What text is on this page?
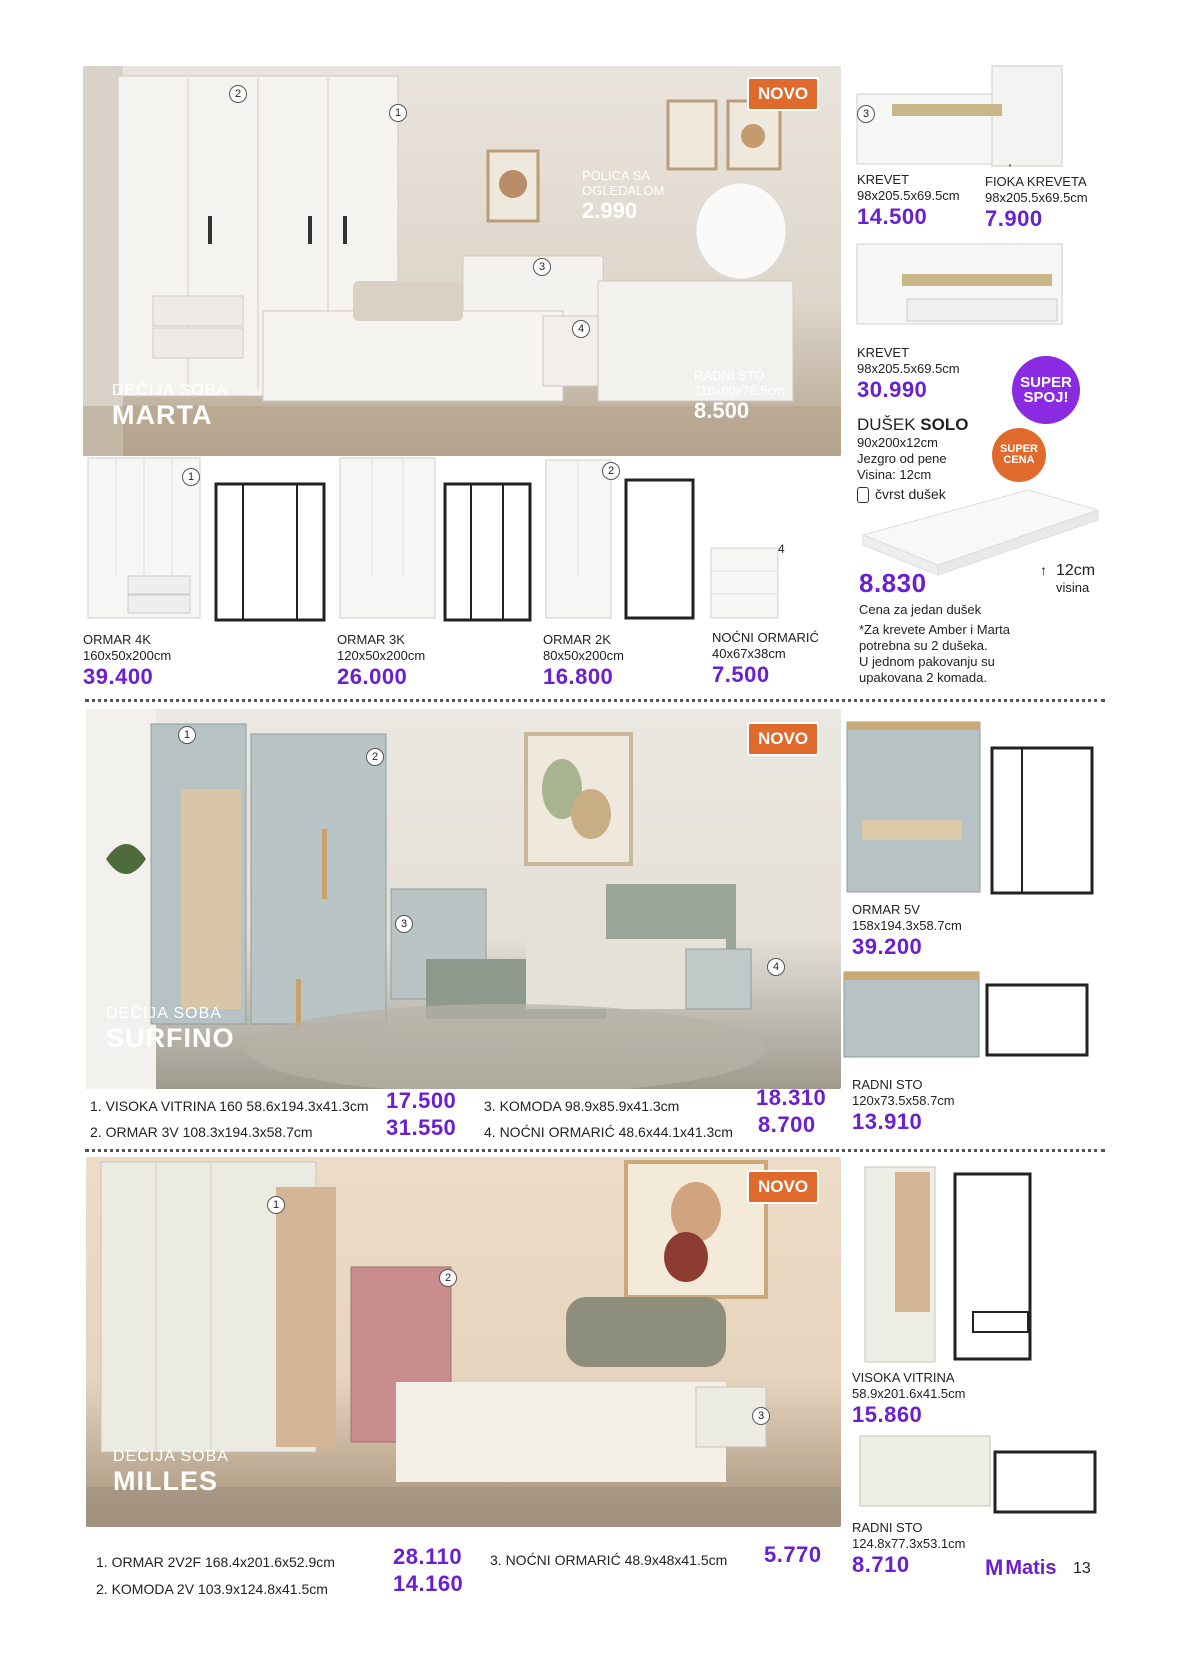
NOVO
DEČIJA SOBA
MARTA
POLICA SA
OGLEDALOM
2.990
RADNI STO
110x60x76.5cm
8.500
1
2
3
4
1	2
4
ORMAR 4K
160x50x200cm
39.400
ORMAR 3K
120x50x200cm
26.000
ORMAR 2K
80x50x200cm
16.800
NOĆNI ORMARIĆ
40x67x38cm
7.500
3
KREVET
98x205.5x69.5cm
14.500
FIOKA KREVETA
98x205.5x69.5cm
7.900
KREVET
98x205.5x69.5cm
30.990	SUPER
SPOJ!
SUPER
CENA
DUŠEK SOLO
90x200x12cm
Jezgro od pene
Visina: 12cm
čvrst dušek
8.830	↑ 12cm
visina
Cena za jedan dušek
*Za krevete Amber i Marta
potrebna su 2 dušeka.
U jednom pakovanju su
upakovana 2 komada.
NOVO
DEČIJA SOBA
SURFINO
1
2
3
4
1. VISOKA VITRINA 160 58.6x194.3x41.3cm 17.500
2. ORMAR 3V 108.3x194.3x58.7cm	31.550
3. KOMODA 98.9x85.9x41.3cm	18.310
4. NOĆNI ORMARIĆ 48.6x44.1x41.3cm 8.700
ORMAR 5V
158x194.3x58.7cm
39.200
RADNI STO
120x73.5x58.7cm
13.910
NOVO
DEČIJA SOBA
MILLES
1
2
3
1. ORMAR 2V2F 168.4x201.6x52.9cm	28.110
2. KOMODA 2V 103.9x124.8x41.5cm	14.160
3. NOĆNI ORMARIĆ 48.9x48x41.5cm 5.770
VISOKA VITRINA
58.9x201.6x41.5cm
15.860
RADNI STO
124.8x77.3x53.1cm
8.710	M Matis 13
